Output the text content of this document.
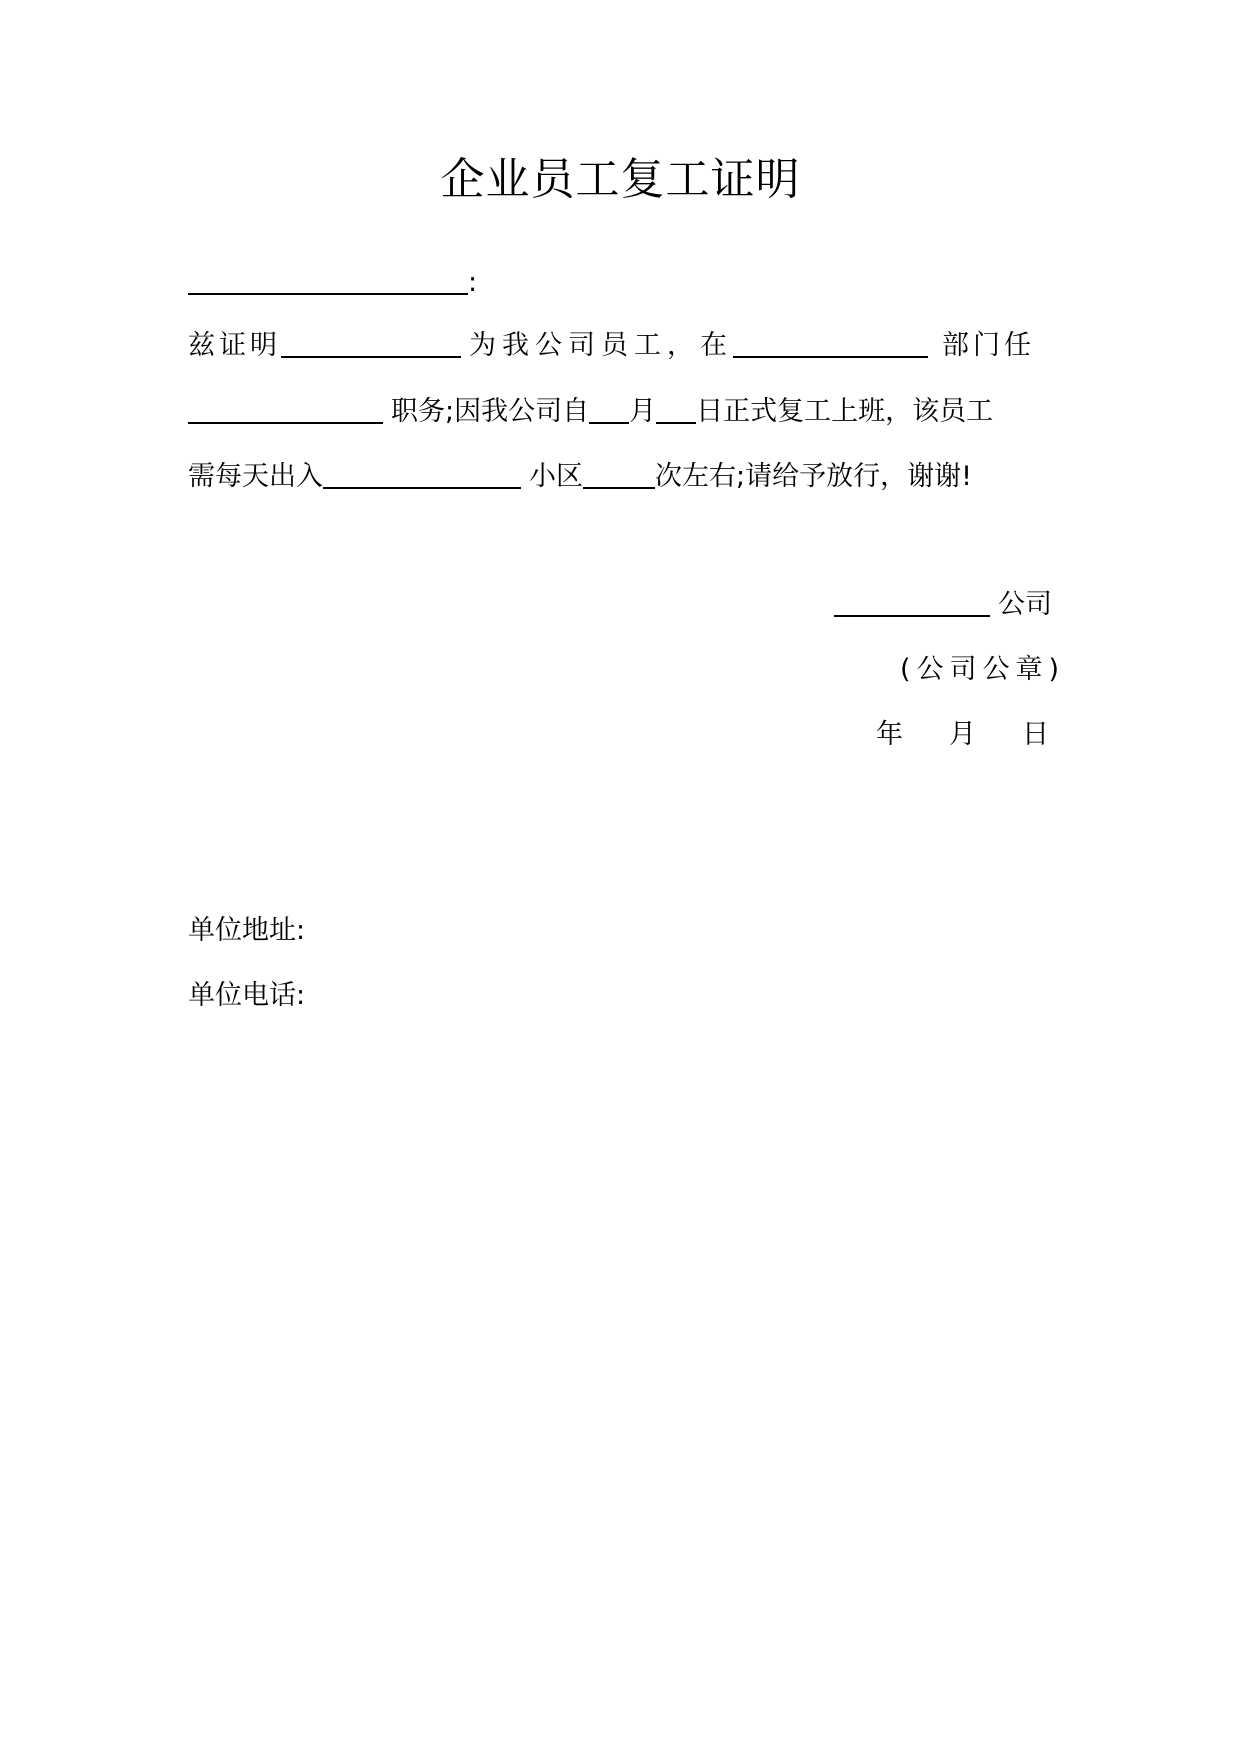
企业员工复工证明
:
兹证明	为我公司员工，在	部门任
职务;因我公司自 月 日正式复工上班，该员工
需每天出入	小区	次左右;请给予放行，谢谢!
公司
(公司公章)
年 月 日
单位地址:
单位电话:
